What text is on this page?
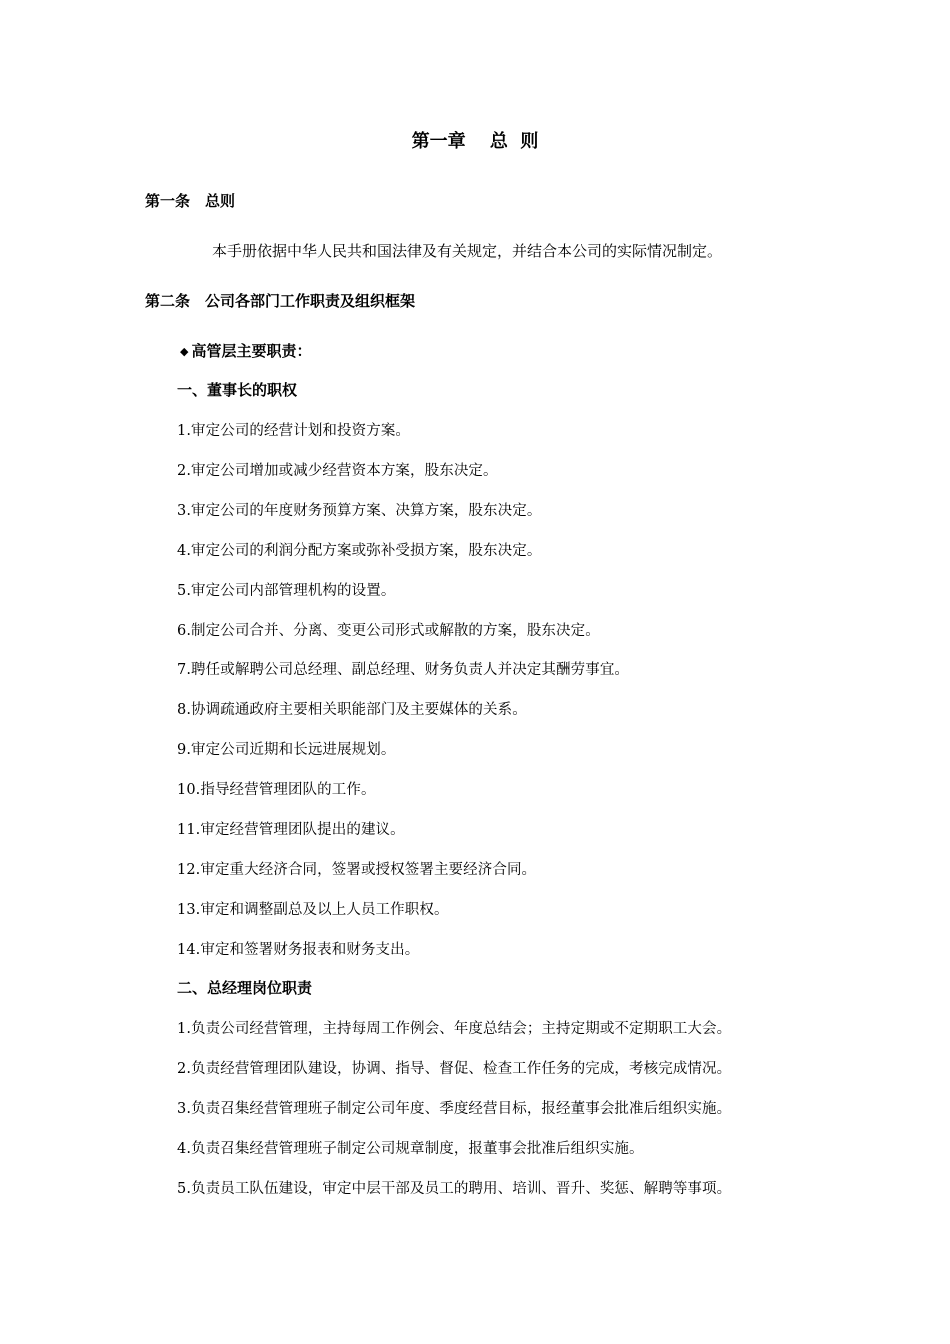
第一章　 总  则
第一条　总则

本手册依据中华人民共和国法律及有关规定，并结合本公司的实际情况制定。

第二条　公司各部门工作职责及组织框架
◆ 高管层主要职责：
一、董事长的职权

1.审定公司的经营计划和投资方案。

2.审定公司增加或减少经营资本方案，股东决定。

3.审定公司的年度财务预算方案、决算方案，股东决定。

4.审定公司的利润分配方案或弥补受损方案，股东决定。

5.审定公司内部管理机构的设置。

6.制定公司合并、分离、变更公司形式或解散的方案，股东决定。

7.聘任或解聘公司总经理、副总经理、财务负责人并决定其酬劳事宜。

8.协调疏通政府主要相关职能部门及主要媒体的关系。

9.审定公司近期和长远进展规划。

10.指导经营管理团队的工作。

11.审定经营管理团队提出的建议。

12.审定重大经济合同，签署或授权签署主要经济合同。

13.审定和调整副总及以上人员工作职权。

14.审定和签署财务报表和财务支出。

二、总经理岗位职责

1.负责公司经营管理，主持每周工作例会、年度总结会；主持定期或不定期职工大会。

2.负责经营管理团队建设，协调、指导、督促、检查工作任务的完成，考核完成情况。

3.负责召集经营管理班子制定公司年度、季度经营目标，报经董事会批准后组织实施。

4.负责召集经营管理班子制定公司规章制度，报董事会批准后组织实施。

5.负责员工队伍建设，审定中层干部及员工的聘用、培训、晋升、奖惩、解聘等事项。
